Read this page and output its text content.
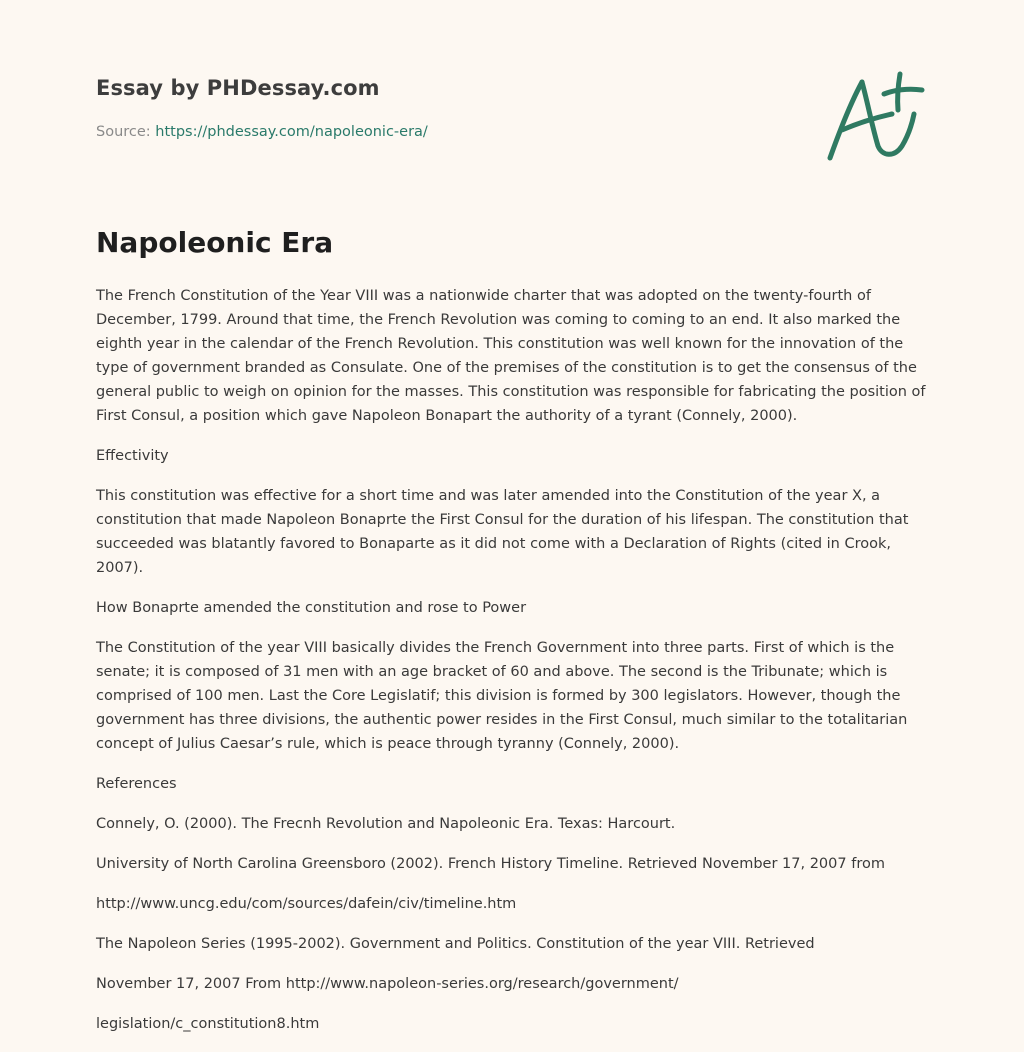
Essay by PHDessay.com
Source: https://phdessay.com/napoleonic-era/
Napoleonic Era

The French Constitution of the Year VIII was a nationwide charter that was adopted on the twenty-fourth of December, 1799. Around that time, the French Revolution was coming to coming to an end. It also marked the eighth year in the calendar of the French Revolution. This constitution was well known for the innovation of the type of government branded as Consulate. One of the premises of the constitution is to get the consensus of the general public to weigh on opinion for the masses. This constitution was responsible for fabricating the position of First Consul, a position which gave Napoleon Bonapart the authority of a tyrant (Connely, 2000).

Effectivity

This constitution was effective for a short time and was later amended into the Constitution of the year X, a constitution that made Napoleon Bonaprte the First Consul for the duration of his lifespan. The constitution that succeeded was blatantly favored to Bonaparte as it did not come with a Declaration of Rights (cited in Crook, 2007).

How Bonaprte amended the constitution and rose to Power

The Constitution of the year VIII basically divides the French Government into three parts. First of which is the senate; it is composed of 31 men with an age bracket of 60 and above. The second is the Tribunate; which is comprised of 100 men. Last the Core Legislatif; this division is formed by 300 legislators. However, though the government has three divisions, the authentic power resides in the First Consul, much similar to the totalitarian concept of Julius Caesar’s rule, which is peace through tyranny (Connely, 2000).

References

Connely, O. (2000). The Frecnh Revolution and Napoleonic Era. Texas: Harcourt.

University of North Carolina Greensboro (2002). French History Timeline. Retrieved November 17, 2007 from

http://www.uncg.edu/com/sources/dafein/civ/timeline.htm

The Napoleon Series (1995-2002). Government and Politics. Constitution of the year VIII. Retrieved

November 17, 2007 From http://www.napoleon-series.org/research/government/

legislation/c_constitution8.htm
